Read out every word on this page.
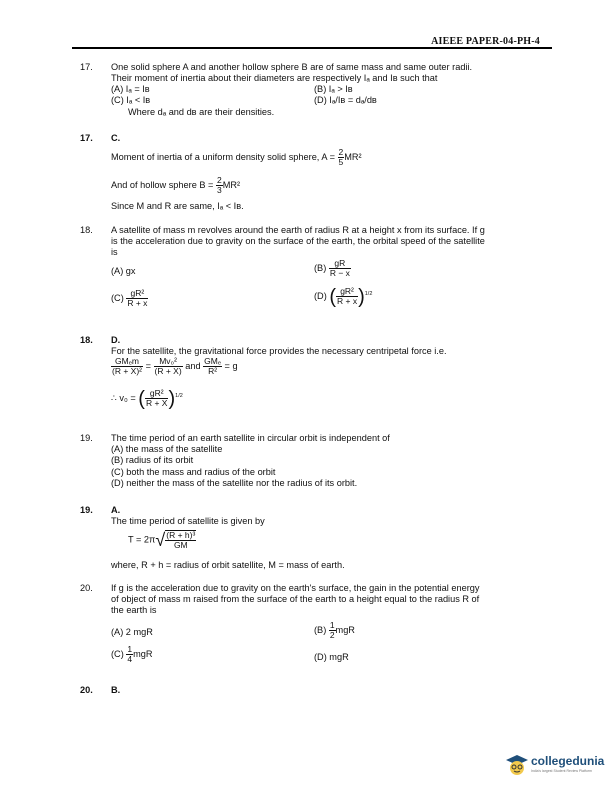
AIEEE PAPER-04-PH-4
17. One solid sphere A and another hollow sphere B are of same mass and same outer radii.
Their moment of inertia about their diameters are respectively Iₐ and Iʙ such that
(A) Iₐ = Iʙ	(B) Iₐ > Iʙ
(C) Iₐ < Iʙ	(D) Iₐ/Iʙ = dₐ/dʙ
Where dₐ and dʙ are their densities.
17. C.
Moment of inertia of a uniform density solid sphere, $A = \frac{2}{5} MR^2$
And of hollow sphere $B = \frac{2}{3} MR^2$
Since M and R are same, Iₐ < Iʙ.
18. A satellite of mass m revolves around the earth of radius R at a height x from its surface. If g
is the acceleration due to gravity on the surface of the earth, the orbital speed of the satellite
is
(A) gx	$(B) \frac{gR}{R - x}$
$(C) \frac{\text{gR²}}{R + x}$	(D) ( $\frac{\text{gR²}}{R + x} )^{1/2}$
18. D.
For the satellite, the gravitational force provides the necessary centripetal force i.e.
$\frac{\text{GMₑm}}{\text{(R + X)²}} = \frac{\text{Mv₀²}}{(R + X)}$ and $\frac{\text{GMₑ}}{\text{R²}} = g$
∴ v₀ = ( $\frac{\text{gR²}}{R + X} )^{1/2}$
19. The time period of an earth satellite in circular orbit is independent of
(A) the mass of the satellite
(B) radius of its orbit
(C) both the mass and radius of the orbit
(D) neither the mass of the satellite nor the radius of its orbit.
19. A.
The time period of satellite is given by
$T = 2\pi√ \frac{\text{(R + h)³}}{GM}$
where, R + h = radius of orbit satellite, M = mass of earth.
20. If g is the acceleration due to gravity on the earth's surface, the gain in the potential energy
of object of mass m raised from the surface of the earth to a height equal to the radius R of
the earth is
(A) 2 mgR	$(B) \frac{1}{2}$ mgR
$(C) \frac{1}{4}$ mgR	(D) mgR
20. B.
collegedunia
India's largest Student Review Platform
